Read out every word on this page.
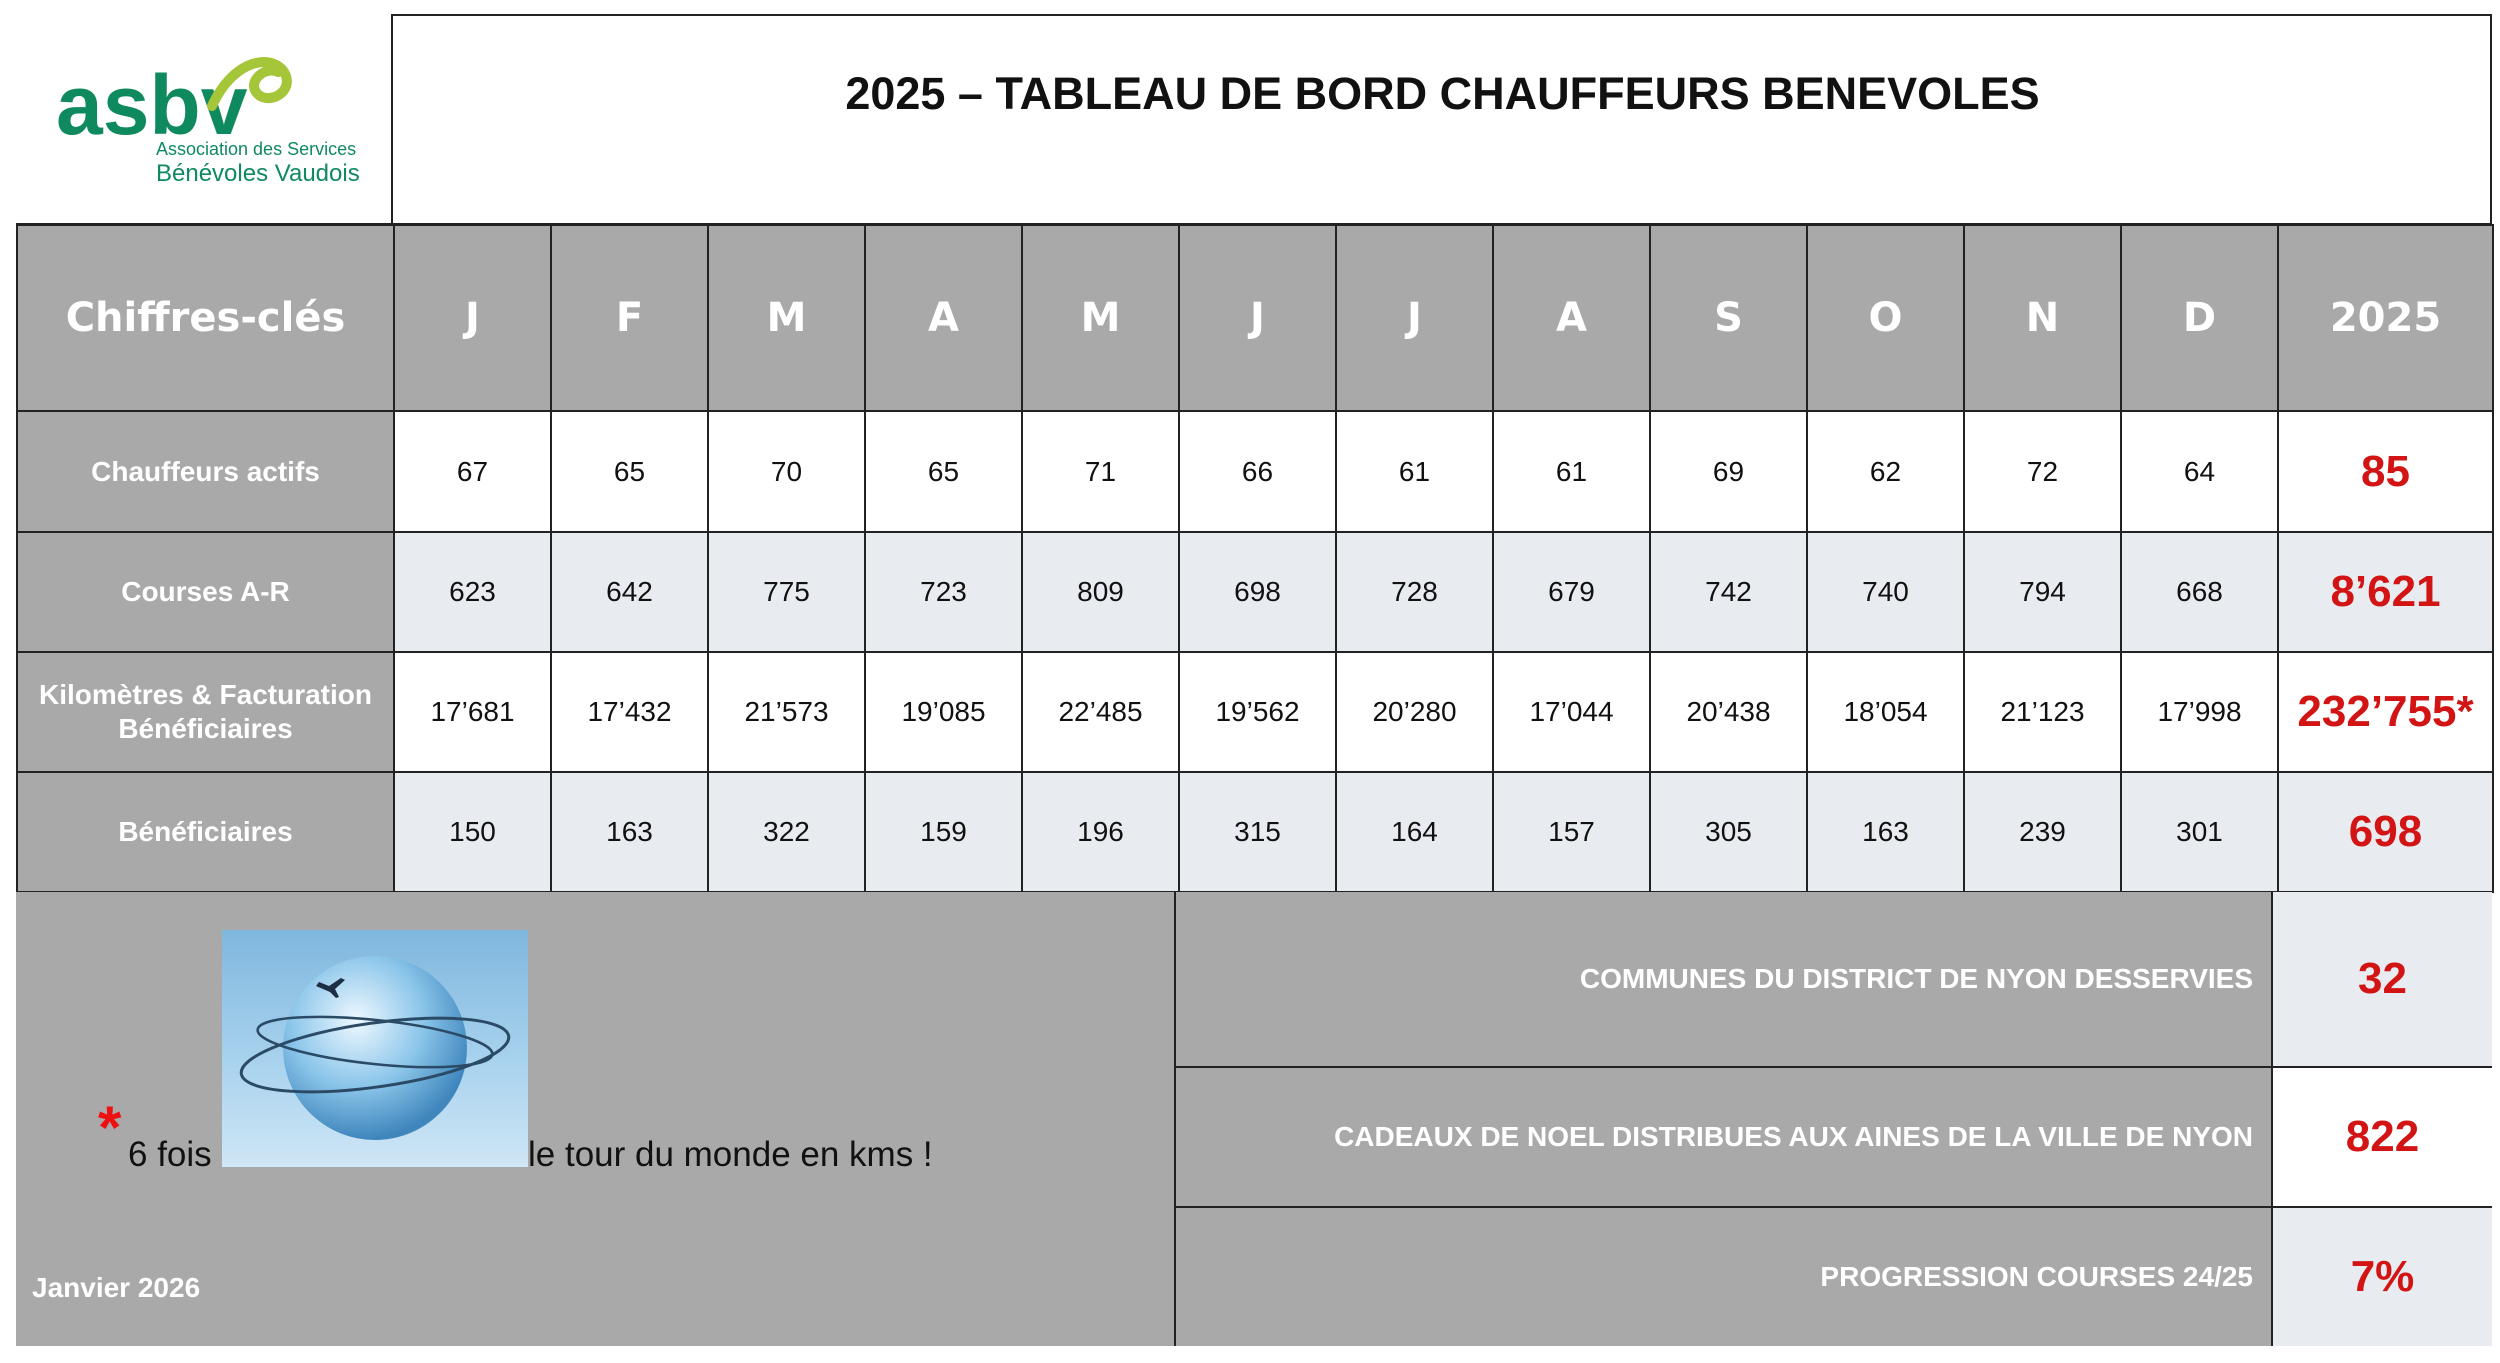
asbv
Association des Services
Bénévoles Vaudois
2025 – TABLEAU DE BORD CHAUFFEURS BENEVOLES
Chiffres-clés	J	F	M	A	M	J	J	A	S	O	N	D	2025
Chauffeurs actifs	67	65	70	65	71	66	61	61	69	62	72	64	85
Courses A-R	623	642	775	723	809	698	728	679	742	740	794	668	8’621
Kilomètres & Facturation Bénéficiaires	17’681	17’432	21’573	19’085	22’485	19’562	20’280	17’044	20’438	18’054	21’123	17’998	232’755*
Bénéficiaires	150	163	322	159	196	315	164	157	305	163	239	301	698
* 6 fois	le tour du monde en kms !
Janvier 2026
COMMUNES DU DISTRICT DE NYON DESSERVIES	32
CADEAUX DE NOEL DISTRIBUES AUX AINES DE LA VILLE DE NYON	822
PROGRESSION COURSES 24/25	7%
